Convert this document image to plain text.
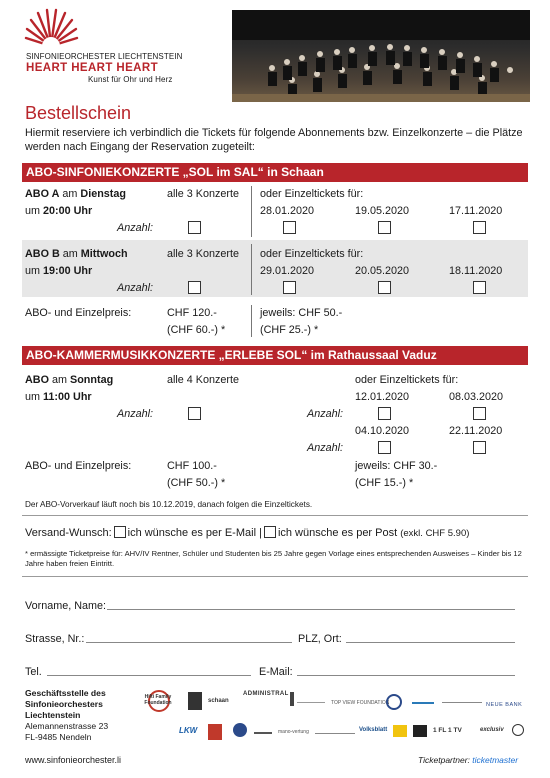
SINFONIEORCHESTER LIECHTENSTEIN
HEART HEART HEART
Kunst für Ohr und Herz
Bestellschein
Hiermit reserviere ich verbindlich die Tickets für folgende Abonnements bzw. Einzelkonzerte – die Plätze werden nach Eingang der Reservation zugeteilt:
ABO-SINFONIEKONZERTE „SOL im SAL“ in Schaan
ABO A am Dienstag
um 20:00 Uhr
alle 3 Konzerte oder Einzeltickets für:
28.01.2020	19.05.2020	17.11.2020
Anzahl:
ABO B am Mittwoch
um 19:00 Uhr
alle 3 Konzerte oder Einzeltickets für:
29.01.2020	20.05.2020	18.11.2020
Anzahl:
ABO- und Einzelpreis:	CHF 120.-
(CHF 60.-) *
jeweils: CHF 50.-
(CHF 25.-) *
ABO-KAMMERMUSIKKONZERTE „ERLEBE SOL“ im Rathaussaal Vaduz
ABO am Sonntag
um 11:00 Uhr
alle 4 Konzerte	oder Einzeltickets für:
12.01.2020	08.03.2020
Anzahl:	Anzahl:
04.10.2020	22.11.2020
Anzahl:
ABO- und Einzelpreis:	CHF 100.-
(CHF 50.-) *
jeweils: CHF 30.-
(CHF 15.-) *
Der ABO-Vorverkauf läuft noch bis 10.12.2019, danach folgen die Einzeltickets.
Versand-Wunsch: ich wünsche es per E-Mail | ich wünsche es per Post (exkl. CHF 5.90)
* ermässigte Ticketpreise für: AHV/IV Rentner, Schüler und Studenten bis 25 Jahre gegen Vorlage eines entsprechenden Ausweises – Kinder bis 12 Jahre haben freien Eintritt.
Vorname, Name:
Strasse, Nr.:	PLZ, Ort:
Tel.	E-Mail:
Geschäftsstelle des
Sinfonieorchesters
Liechtenstein
Alemannenstrasse 23
FL-9485 Nendeln
Hilti Family Foundation	schaan
ADMINISTRAL
TOP VIEW FOUNDATION	NEUE BANK
LKW	mano-vertung	Volksblatt	1 FL 1 TV	exclusiv
www.sinfonieorchester.li	Ticketpartner: ticketmaster
